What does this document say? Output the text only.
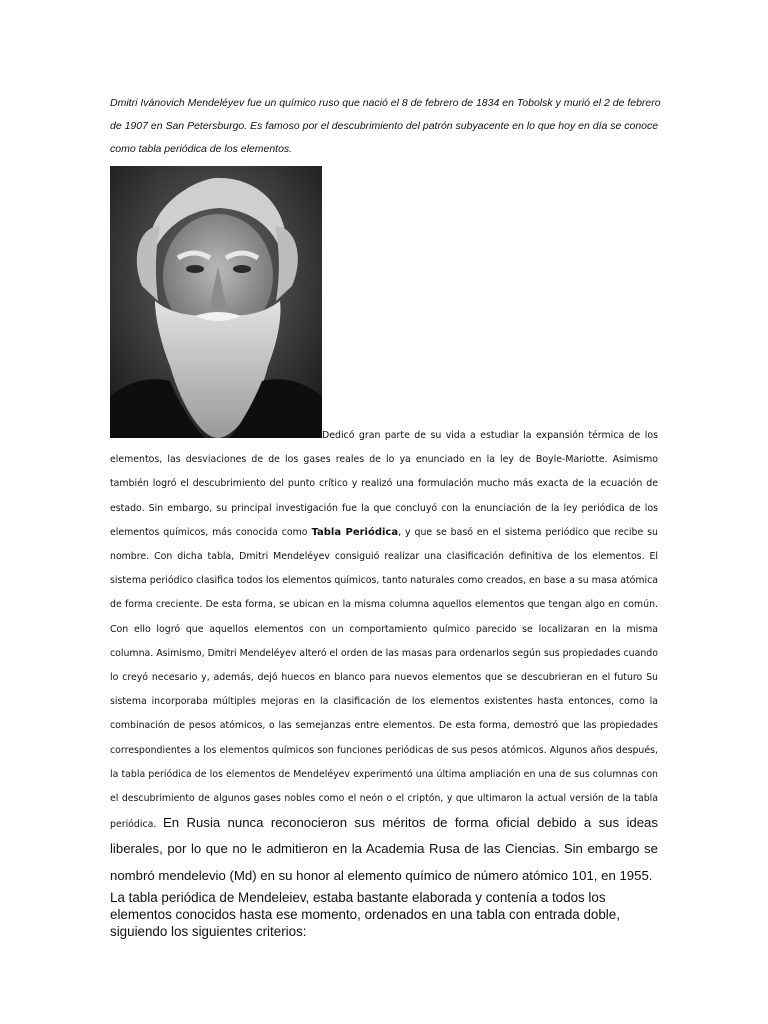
Dmitri Ivánovich Mendeléyev fue un químico ruso que nació el 8 de febrero de 1834 en Tobolsk y murió el 2 de febrero de 1907 en San Petersburgo. Es famoso por el descubrimiento del patrón subyacente en lo que hoy en día se conoce como tabla periódica de los elementos.

Dedicó gran parte de su vida a estudiar la expansión térmica de los elementos, las desviaciones de de los gases reales de lo ya enunciado en la ley de Boyle-Mariotte. Asimismo también logró el descubrimiento del punto crítico y realizó una formulación mucho más exacta de la ecuación de estado. Sin embargo, su principal investigación fue la que concluyó con la enunciación de la ley periódica de los elementos químicos, más conocida como Tabla Periódica, y que se basó en el sistema periódico que recibe su nombre. Con dicha tabla, Dmitri Mendeléyev consiguió realizar una clasificación definitiva de los elementos. El sistema periódico clasifica todos los elementos químicos, tanto naturales como creados, en base a su masa atómica de forma creciente. De esta forma, se ubican en la misma columna aquellos elementos que tengan algo en común. Con ello logró que aquellos elementos con un comportamiento químico parecido se localizaran en la misma columna. Asimismo, Dmitri Mendeléyev alteró el orden de las masas para ordenarlos según sus propiedades cuando lo creyó necesario y, además, dejó huecos en blanco para nuevos elementos que se descubrieran en el futuro Su sistema incorporaba múltiples mejoras en la clasificación de los elementos existentes hasta entonces, como la combinación de pesos atómicos, o las semejanzas entre elementos. De esta forma, demostró que las propiedades correspondientes a los elementos químicos son funciones periódicas de sus pesos atómicos. Algunos años después, la tabla periódica de los elementos de Mendeléyev experimentó una última ampliación en una de sus columnas con el descubrimiento de algunos gases nobles como el neón o el criptón, y que ultimaron la actual versión de la tabla periódica. En Rusia nunca reconocieron sus méritos de forma oficial debido a sus ideas liberales, por lo que no le admitieron en la Academia Rusa de las Ciencias. Sin embargo se nombró mendelevio (Md) en su honor al elemento químico de número atómico 101, en 1955.

La tabla periódica de Mendeleiev, estaba bastante elaborada y contenía a todos los elementos conocidos hasta ese momento, ordenados en una tabla con entrada doble, siguiendo los siguientes criterios:
